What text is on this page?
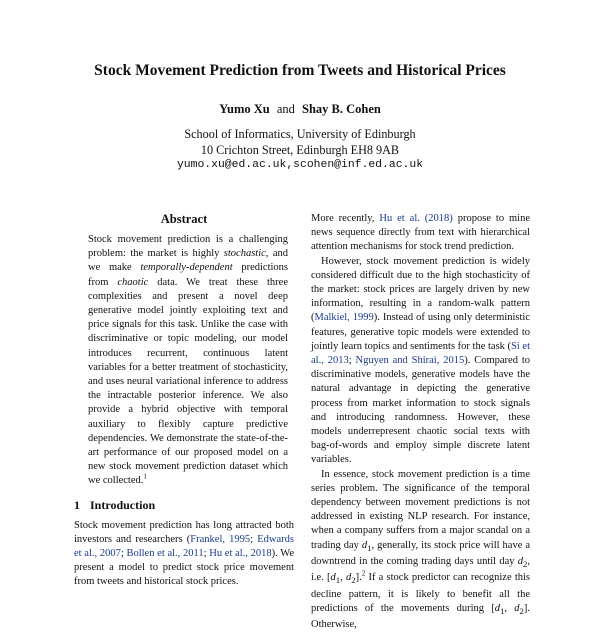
Stock Movement Prediction from Tweets and Historical Prices
Yumo Xu and Shay B. Cohen
School of Informatics, University of Edinburgh
10 Crichton Street, Edinburgh EH8 9AB
yumo.xu@ed.ac.uk,scohen@inf.ed.ac.uk
Abstract
Stock movement prediction is a challenging problem: the market is highly stochastic, and we make temporally-dependent predictions from chaotic data. We treat these three complexities and present a novel deep generative model jointly exploiting text and price signals for this task. Unlike the case with discriminative or topic modeling, our model introduces recurrent, continuous latent variables for a better treatment of stochasticity, and uses neural variational inference to address the intractable posterior inference. We also provide a hybrid objective with temporal auxiliary to flexibly capture predictive dependencies. We demonstrate the state-of-the-art performance of our proposed model on a new stock movement prediction dataset which we collected.$^1$
1 Introduction

Stock movement prediction has long attracted both investors and researchers (Frankel, 1995; Edwards et al., 2007; Bollen et al., 2011; Hu et al., 2018). We present a model to predict stock price movement from tweets and historical stock prices.

More recently, Hu et al. (2018) propose to mine news sequence directly from text with hierarchical attention mechanisms for stock trend prediction.

However, stock movement prediction is widely considered difficult due to the high stochasticity of the market: stock prices are largely driven by new information, resulting in a random-walk pattern (Malkiel, 1999). Instead of using only deterministic features, generative topic models were extended to jointly learn topics and sentiments for the task (Si et al., 2013; Nguyen and Shirai, 2015). Compared to discriminative models, generative models have the natural advantage in depicting the generative process from market information to stock signals and introducing randomness. However, these models underrepresent chaotic social texts with bag-of-words and employ simple discrete latent variables.

In essence, stock movement prediction is a time series problem. The significance of the temporal dependency between movement predictions is not addressed in existing NLP research. For instance, when a company suffers from a major scandal on a trading day $d_1$, generally, its stock price will have a downtrend in the coming trading days until day $d_2$, i.e. [$d_1$, $d_2].^2$ If a stock predictor can recognize this decline pattern, it is likely to benefit all the predictions of the movements during [$d_1$, $d_2$]. Otherwise,
